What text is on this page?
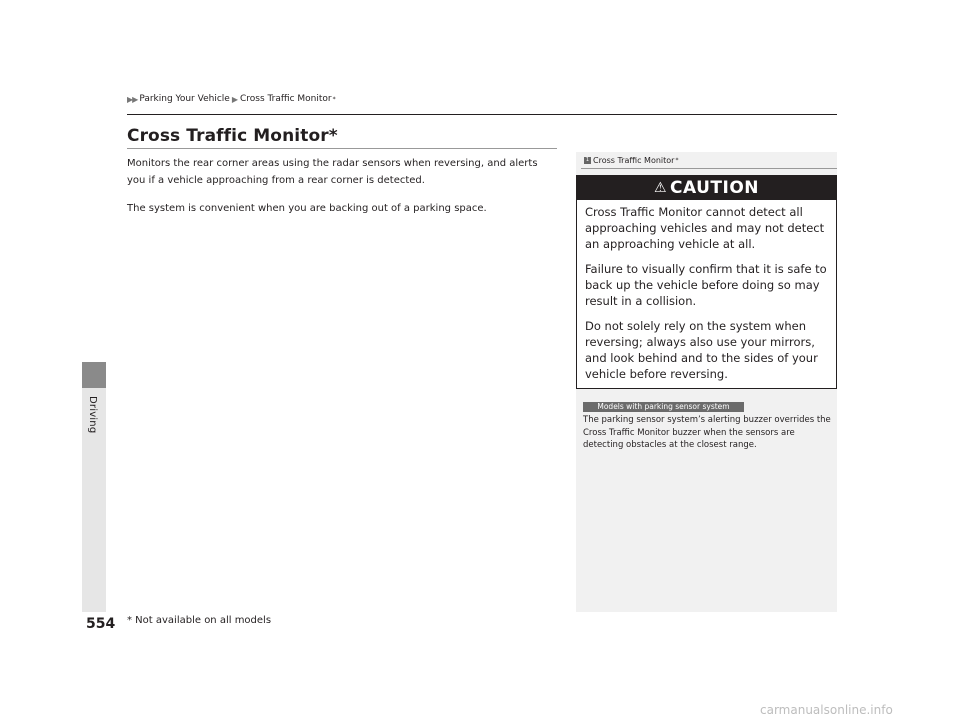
Driving
▶▶ Parking Your Vehicle ▶ Cross Traffic Monitor *
Cross Traffic Monitor*
Monitors the rear corner areas using the radar sensors when reversing, and alerts you if a vehicle approaching from a rear corner is detected.
The system is convenient when you are backing out of a parking space.
1 Cross Traffic Monitor *
⚠ CAUTION
Cross Traffic Monitor cannot detect all approaching vehicles and may not detect an approaching vehicle at all.
Failure to visually confirm that it is safe to back up the vehicle before doing so may result in a collision.
Do not solely rely on the system when reversing; always also use your mirrors, and look behind and to the sides of your vehicle before reversing.
Models with parking sensor system
The parking sensor system’s alerting buzzer overrides the Cross Traffic Monitor buzzer when the sensors are detecting obstacles at the closest range.
554 * Not available on all models
carmanualsonline.info
